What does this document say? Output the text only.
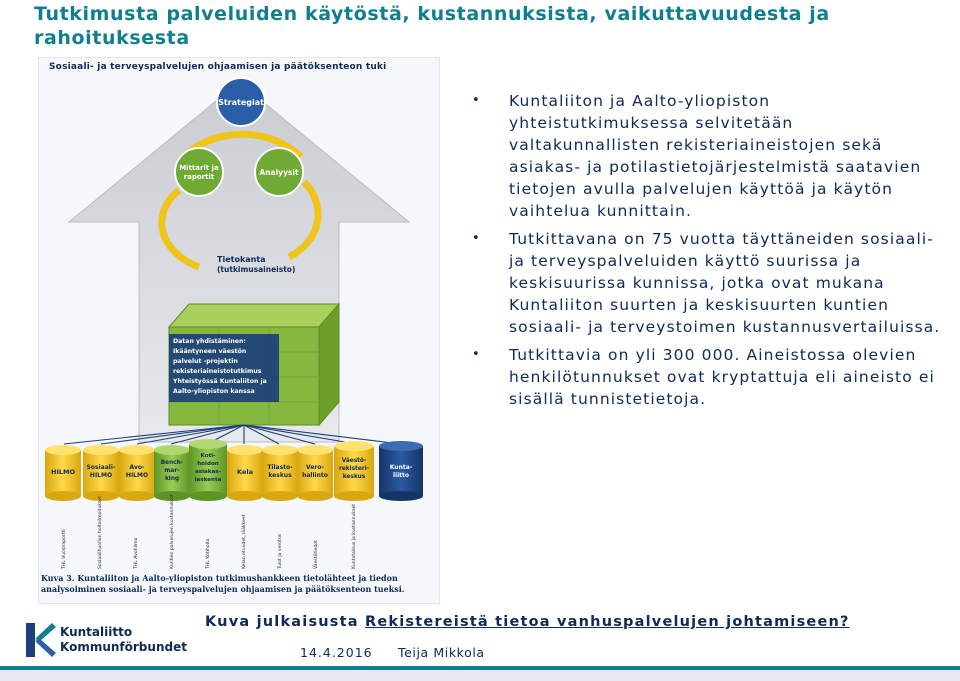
Tutkimusta palveluiden käytöstä, kustannuksista, vaikuttavuudesta ja rahoituksesta
Sosiaali- ja terveyspalvelujen ohjaamisen ja päätöksenteon tuki
Strategiat
Mittarit ja
raportit	Analyysit
Tietokanta
(tutkimusaineisto)
Datan yhdistäminen:
Ikääntyneen väestön
palvelut -projektin
rekisteriaineistotutkimus
Yhteistyössä Kuntaliiton ja
Aalto-yliopiston kanssa
HILMO
Sosiaali-
HILMO
Avo-
HILMO
Bench-
mar-
king
Koti-
hoidon
asiakas-
laskenta
Kela
Tilasto-
keskus
Vero-
hallinto
Väestö-
rekisteri-
keskus
Kunta-
liitto
THL Vuosiraportti	Sosiaalihuollon hoitoilmoitukset	THL Avohilmo	Kuntien palvelujen kustannukset	THL Kotihoito	Kelan etuudet, lääkkeet	Tulot ja verotus	Väestötiedot	Kuntatalous ja kustannukset
Kuva 3. Kuntaliiton ja Aalto-yliopiston tutkimushankkeen tietolähteet ja tiedon analysoiminen sosiaali- ja terveyspalvelujen ohjaamisen ja päätöksenteon tueksi.
• Kuntaliiton ja Aalto-yliopiston yhteistutkimuksessa selvitetään valtakunnallisten rekisteriaineistojen sekä asiakas- ja potilastietojärjestelmistä saatavien tietojen avulla palvelujen käyttöä ja käytön vaihtelua kunnittain.
• Tutkittavana on 75 vuotta täyttäneiden sosiaali- ja terveyspalveluiden käyttö suurissa ja keskisuurissa kunnissa, jotka ovat mukana Kuntaliiton suurten ja keskisuurten kuntien sosiaali- ja terveystoimen kustannusvertailuissa.
• Tutkittavia on yli 300 000. Aineistossa olevien henkilötunnukset ovat kryptattuja eli aineisto ei sisällä tunnistetietoja.
Kuva julkaisusta Rekistereistä tietoa vanhuspalvelujen johtamiseen?
Kuntaliitto
Kommunförbundet	14.4.2016 Teija Mikkola
